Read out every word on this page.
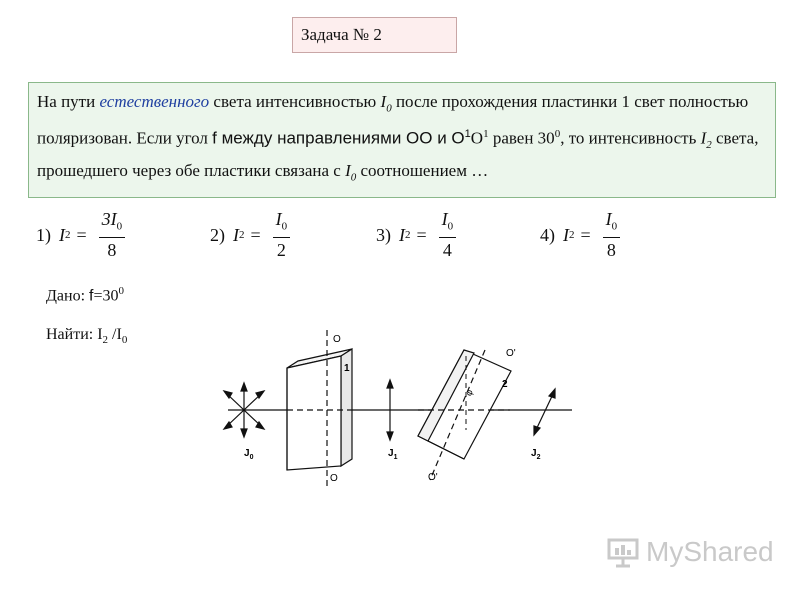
Задача № 2

На пути естественного света интенсивностью $I_0$ после прохождения пластинки 1 свет полностью поляризован. Если угол f между направлениями ОО и $О^1О^1$ равен $30^0$, то интенсивность $I_2$ света, прошедшего через обе пластики связана с $I_0$ соотношением …

1) I $2 = \frac{3I_0}{8}$	2) I $2 = \frac{I_0}{2}$	3) I $2 = \frac{I_0}{4}$	4) I $2 = \frac{I_0}{8}$
Дано: $f=30^0$
Найти: $I_2$ $/I_0$	O
O
1
$J_1$
O'
O'
2
φ
$J_0$	$J_2$
MyShared
